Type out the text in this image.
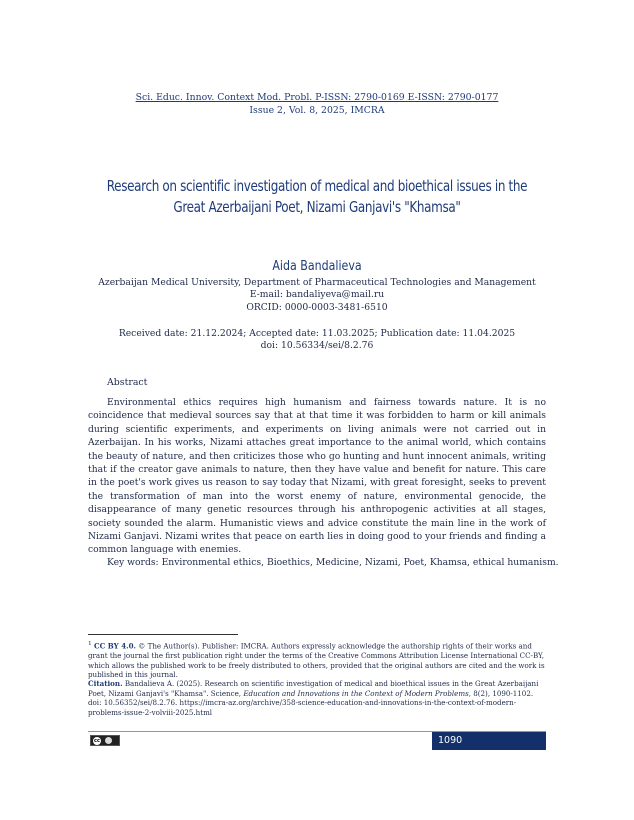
Sci. Educ. Innov. Context Mod. Probl. P-ISSN: 2790-0169 E-ISSN: 2790-0177
Issue 2, Vol. 8, 2025, IMCRA
Research on scientific investigation of medical and bioethical issues in the Great Azerbaijani Poet, Nizami Ganjavi's "Khamsa"
Aida Bandalieva
Azerbaijan Medical University, Department of Pharmaceutical Technologies and Management
E-mail: bandaliyeva@mail.ru
ORCID: 0000-0003-3481-6510
Received date: 21.12.2024; Accepted date: 11.03.2025; Publication date: 11.04.2025
doi: 10.56334/sei/8.2.76
Abstract

Environmental ethics requires high humanism and fairness towards nature. It is no coincidence that medieval sources say that at that time it was forbidden to harm or kill animals during scientific experiments, and experiments on living animals were not carried out in Azerbaijan. In his works, Nizami attaches great importance to the animal world, which contains the beauty of nature, and then criticizes those who go hunting and hunt innocent animals, writing that if the creator gave animals to nature, then they have value and benefit for nature. This care in the poet's work gives us reason to say today that Nizami, with great foresight, seeks to prevent the transformation of man into the worst enemy of nature, environmental genocide, the disappearance of many genetic resources through his anthropogenic activities at all stages, society sounded the alarm. Humanistic views and advice constitute the main line in the work of Nizami Ganjavi. Nizami writes that peace on earth lies in doing good to your friends and finding a common language with enemies.

Key words: Environmental ethics, Bioethics, Medicine, Nizami, Poet, Khamsa, ethical humanism.

$^1$ CC BY 4.0. © The Author(s). Publisher: IMCRA. Authors expressly acknowledge the authorship rights of their works and grant the journal the first publication right under the terms of the Creative Commons Attribution License International CC-BY, which allows the published work to be freely distributed to others, provided that the original authors are cited and the work is published in this journal.

Citation. Bandalieva A. (2025). Research on scientific investigation of medical and bioethical issues in the Great Azerbaijani Poet, Nizami Ganjavi's "Khamsa". Science, Education and Innovations in the Context of Modern Problems, 8(2), 1090-1102. doi: 10.56352/sei/8.2.76. https://imcra-az.org/archive/358-science-education-and-innovations-in-the-context-of-modern-problems-issue-2-volviii-2025.html

cc	1090
